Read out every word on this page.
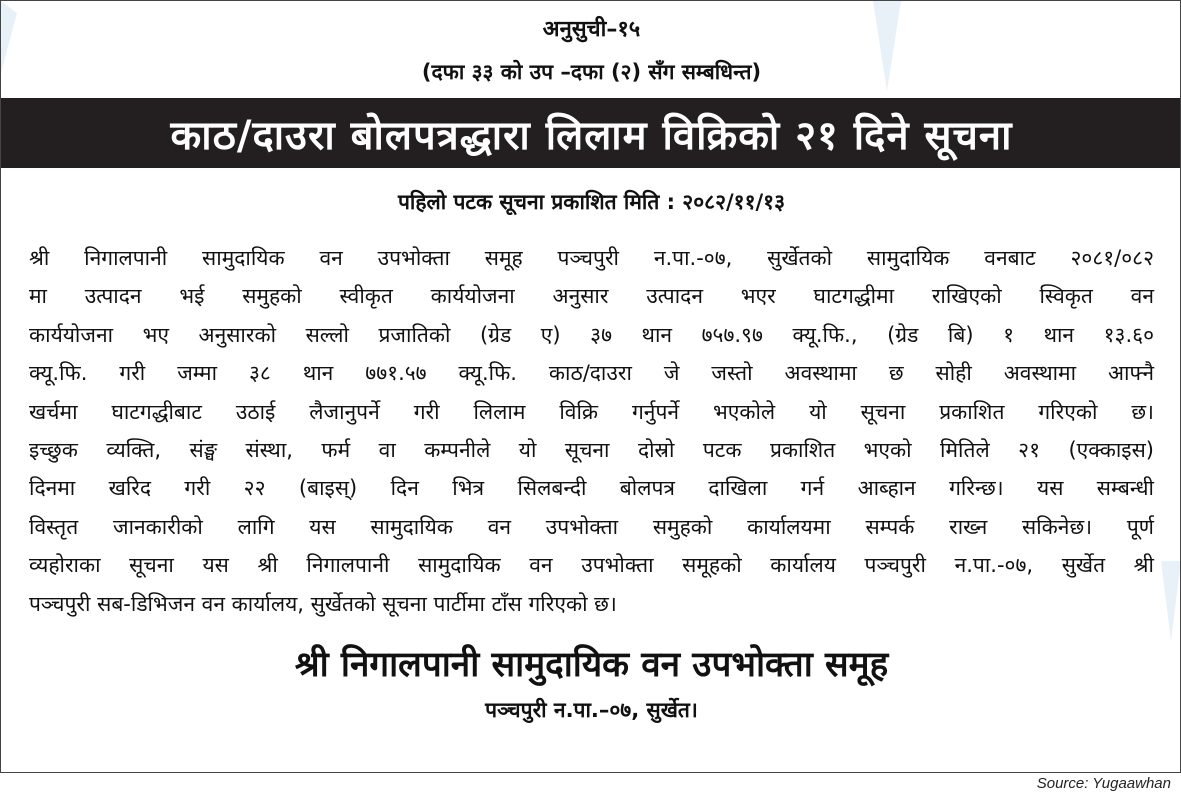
अनुसुची–१५
(दफा ३३ को उप –दफा (२) सँग सम्बधिन्त)
काठ/दाउरा बोलपत्रद्धारा लिलाम विक्रिको २१ दिने सूचना
पहिलो पटक सूचना प्रकाशित मिति : २०८२/११/१३
श्री निगालपानी सामुदायिक वन उपभोक्ता समूह पञ्चपुरी न.पा.-०७, सुर्खेतको सामुदायिक वनबाट २०८१/०८२
मा उत्पादन भई समुहको स्वीकृत कार्ययोजना अनुसार उत्पादन भएर घाटगद्धीमा राखिएको स्विकृत वन
कार्ययोजना भए अनुसारको सल्लो प्रजातिको (ग्रेड ए) ३७ थान ७५७.९७ क्यू.फि., (ग्रेड बि) १ थान १३.६०
क्यू.फि. गरी जम्मा ३८ थान ७७१.५७ क्यू.फि. काठ/दाउरा जे जस्तो अवस्थामा छ सोही अवस्थामा आफ्नै
खर्चमा घाटगद्धीबाट उठाई लैजानुपर्ने गरी लिलाम विक्रि गर्नुपर्ने भएकोले यो सूचना प्रकाशित गरिएको छ।
इच्छुक व्यक्ति, संङ्घ संस्था, फर्म वा कम्पनीले यो सूचना दोस्रो पटक प्रकाशित भएको मितिले २१ (एक्काइस)
दिनमा खरिद गरी २२ (बाइस्) दिन भित्र सिलबन्दी बोलपत्र दाखिला गर्न आब्हान गरिन्छ। यस सम्बन्धी
विस्तृत जानकारीको लागि यस सामुदायिक वन उपभोक्ता समुहको कार्यालयमा सम्पर्क राख्न सकिनेछ। पूर्ण
व्यहोराका सूचना यस श्री निगालपानी सामुदायिक वन उपभोक्ता समूहको कार्यालय पञ्चपुरी न.पा.-०७, सुर्खेत श्री
पञ्चपुरी सब-डिभिजन वन कार्यालय, सुर्खेतको सूचना पार्टीमा टाँस गरिएको छ।
श्री निगालपानी सामुदायिक वन उपभोक्ता समूह
पञ्चपुरी न.पा.–०७, सुर्खेत।
Source: Yugaawhan
